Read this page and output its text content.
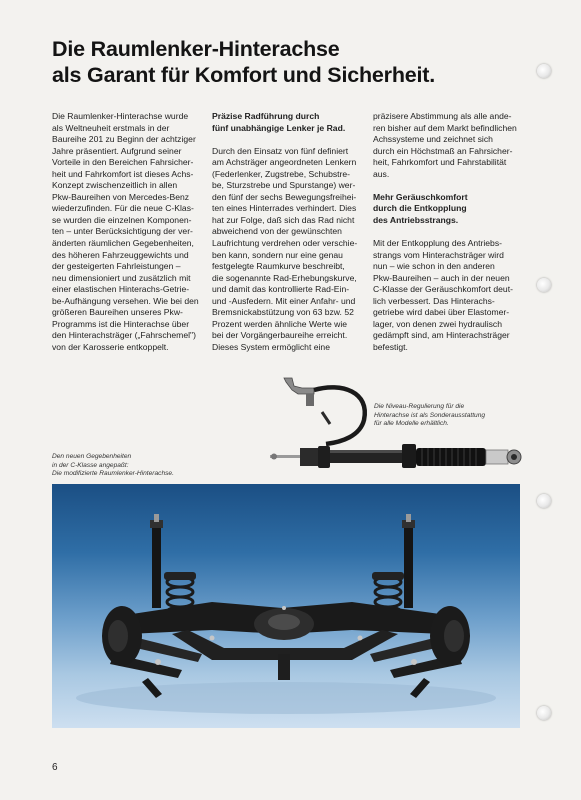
Die Raumlenker-Hinterachse
als Garant für Komfort und Sicherheit.
Die Raumlenker-Hinterachse wurde
als Weltneuheit erstmals in der
Baureihe 201 zu Beginn der achtziger
Jahre präsentiert. Aufgrund seiner
Vorteile in den Bereichen Fahrsicher-
heit und Fahrkomfort ist dieses Achs-
Konzept zwischenzeitlich in allen
Pkw-Baureihen von Mercedes-Benz
wiederzufinden. Für die neue C-Klas-
se wurden die einzelnen Komponen-
ten – unter Berücksichtigung der ver-
änderten räumlichen Gegebenheiten,
des höheren Fahrzeuggewichts und
der gesteigerten Fahrleistungen –
neu dimensioniert und zusätzlich mit
einer elastischen Hinterachs-Getrie-
be-Aufhängung versehen. Wie bei den
größeren Baureihen unseres Pkw-
Programms ist die Hinterachse über
den Hinterachsträger („Fahrschemel")
von der Karosserie entkoppelt.
Präzise Radführung durch
fünf unabhängige Lenker je Rad.
Durch den Einsatz von fünf definiert
am Achsträger angeordneten Lenkern
(Federlenker, Zugstrebe, Schubstre-
be, Sturzstrebe und Spurstange) wer-
den fünf der sechs Bewegungsfreihei-
ten eines Hinterrades verhindert. Dies
hat zur Folge, daß sich das Rad nicht
abweichend von der gewünschten
Laufrichtung verdrehen oder verschie-
ben kann, sondern nur eine genau
festgelegte Raumkurve beschreibt,
die sogenannte Rad-Erhebungskurve,
und damit das kontrollierte Rad-Ein-
und -Ausfedern. Mit einer Anfahr- und
Bremsnickabstützung von 63 bzw. 52
Prozent werden ähnliche Werte wie
bei der Vorgängerbaureihe erreicht.
Dieses System ermöglicht eine
präzisere Abstimmung als alle ande-
ren bisher auf dem Markt befindlichen
Achssysteme und zeichnet sich
durch ein Höchstmaß an Fahrsicher-
heit, Fahrkomfort und Fahrstabilität
aus.
Mehr Geräuschkomfort
durch die Entkopplung
des Antriebsstrangs.
Mit der Entkopplung des Antriebs-
strangs vom Hinterachsträger wird
nun – wie schon in den anderen
Pkw-Baureihen – auch in der neuen
C-Klasse der Geräuschkomfort deut-
lich verbessert. Das Hinterachs-
getriebe wird dabei über Elastomer-
lager, von denen zwei hydraulisch
gedämpft sind, am Hinterachsträger
befestigt.
Die Niveau-Regulierung für die
Hinterachse ist als Sonderausstattung
für alle Modelle erhältlich.
Den neuen Gegebenheiten
in der C-Klasse angepaßt:
Die modifizierte Raumlenker-Hinterachse.
6
